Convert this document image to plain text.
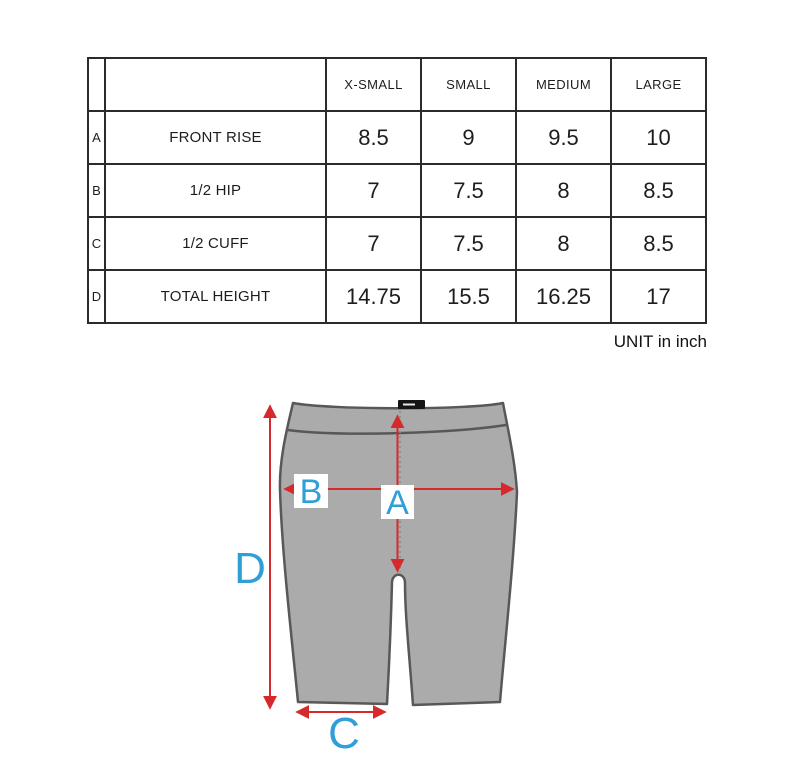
		X-SMALL	SMALL	MEDIUM	LARGE
A	FRONT RISE	8.5	9	9.5	10
B	1/2 HIP	7	7.5	8	8.5
C	1/2 CUFF	7	7.5	8	8.5
D	TOTAL HEIGHT	14.75	15.5	16.25	17
UNIT in inch
B A
D
C
